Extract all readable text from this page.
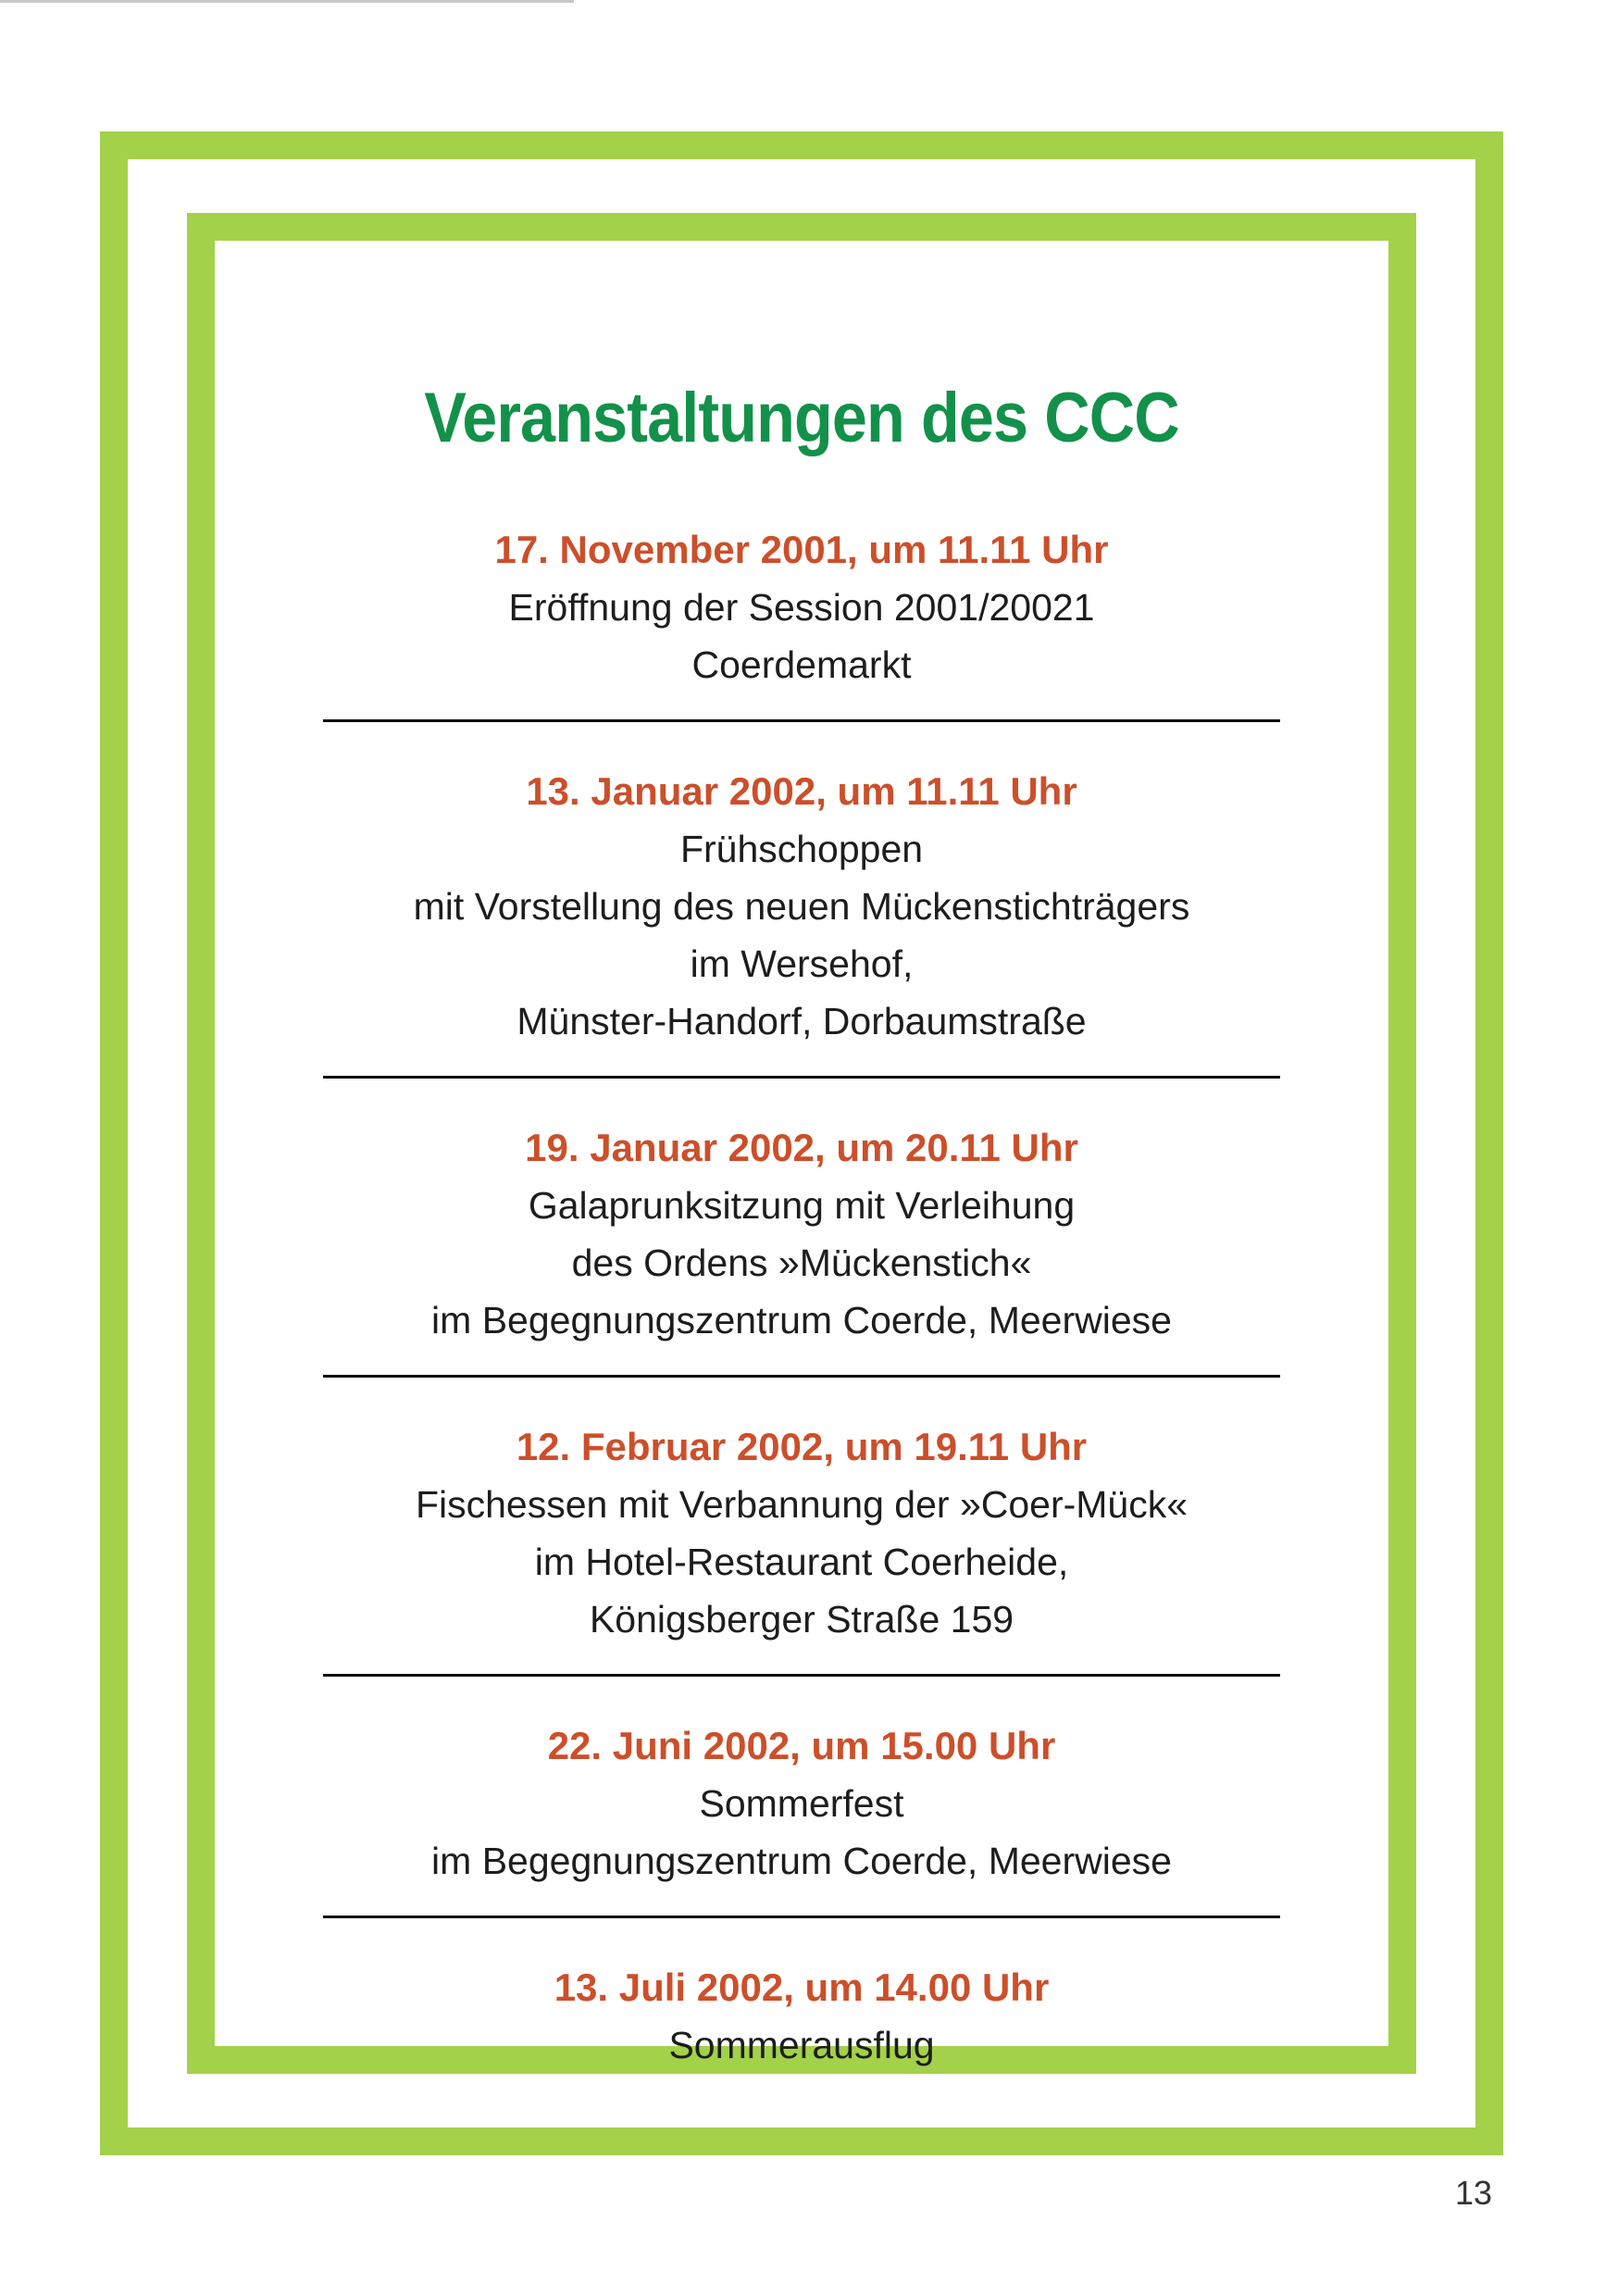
Veranstaltungen des CCC
17. November 2001, um 11.11 Uhr
Eröffnung der Session 2001/20021
Coerdemarkt
13. Januar 2002, um 11.11 Uhr
Frühschoppen
mit Vorstellung des neuen Mückenstichträgers
im Wersehof,
Münster-Handorf, Dorbaumstraße
19. Januar 2002, um 20.11 Uhr
Galaprunksitzung mit Verleihung
des Ordens »Mückenstich«
im Begegnungszentrum Coerde, Meerwiese
12. Februar 2002, um 19.11 Uhr
Fischessen mit Verbannung der »Coer-Mück«
im Hotel-Restaurant Coerheide,
Königsberger Straße 159
22. Juni 2002, um 15.00 Uhr
Sommerfest
im Begegnungszentrum Coerde, Meerwiese
13. Juli 2002, um 14.00 Uhr
Sommerausflug
13
